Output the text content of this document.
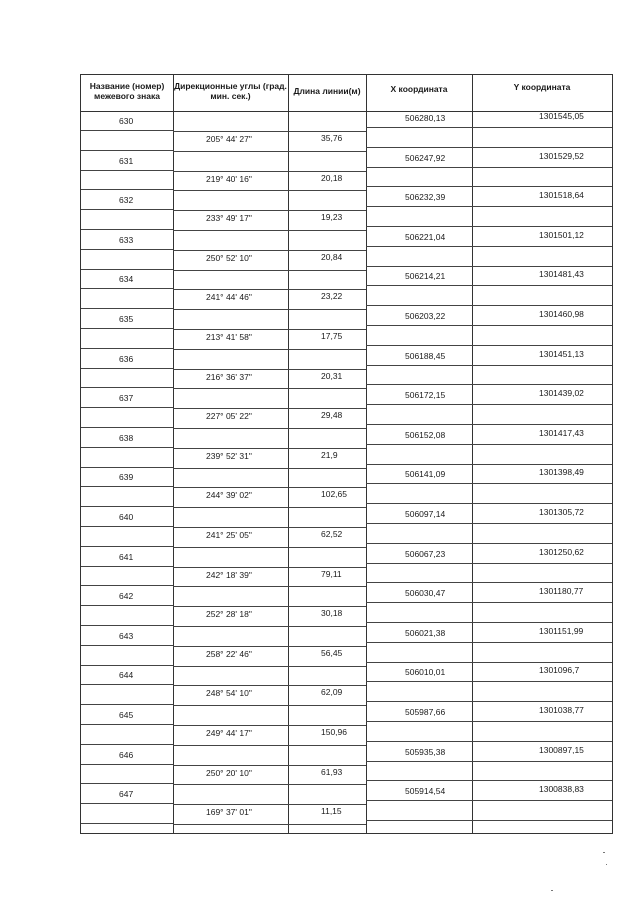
Название (номер) межевого знака
Дирекционные углы (град. мин. сек.)	Длина линии(м)	X координата	Y координата
630	506280,13	1301545,05
631	506247,92	1301529,52
632	506232,39	1301518,64
633	506221,04	1301501,12
634	506214,21	1301481,43
635	506203,22	1301460,98
636	506188,45	1301451,13
637	506172,15	1301439,02
638	506152,08	1301417,43
639	506141,09	1301398,49
640	506097,14	1301305,72
641	506067,23	1301250,62
642	506030,47	1301180,77
643	506021,38	1301151,99
644	506010,01	1301096,7
645	505987,66	1301038,77
646	505935,38	1300897,15
647	505914,54	1300838,83
205° 44' 27"	35,76
219° 40' 16"	20,18
233° 49' 17"	19,23
250° 52' 10"	20,84
241° 44' 46"	23,22
213° 41' 58"	17,75
216° 36' 37"	20,31
227° 05' 22"	29,48
239° 52' 31"	21,9
244° 39' 02"	102,65
241° 25' 05"	62,52
242° 18' 39"	79,11
252° 28' 18"	30,18
258° 22' 46"	56,45
248° 54' 10"	62,09
249° 44' 17"	150,96
250° 20' 10"	61,93
169° 37' 01"	11,15
